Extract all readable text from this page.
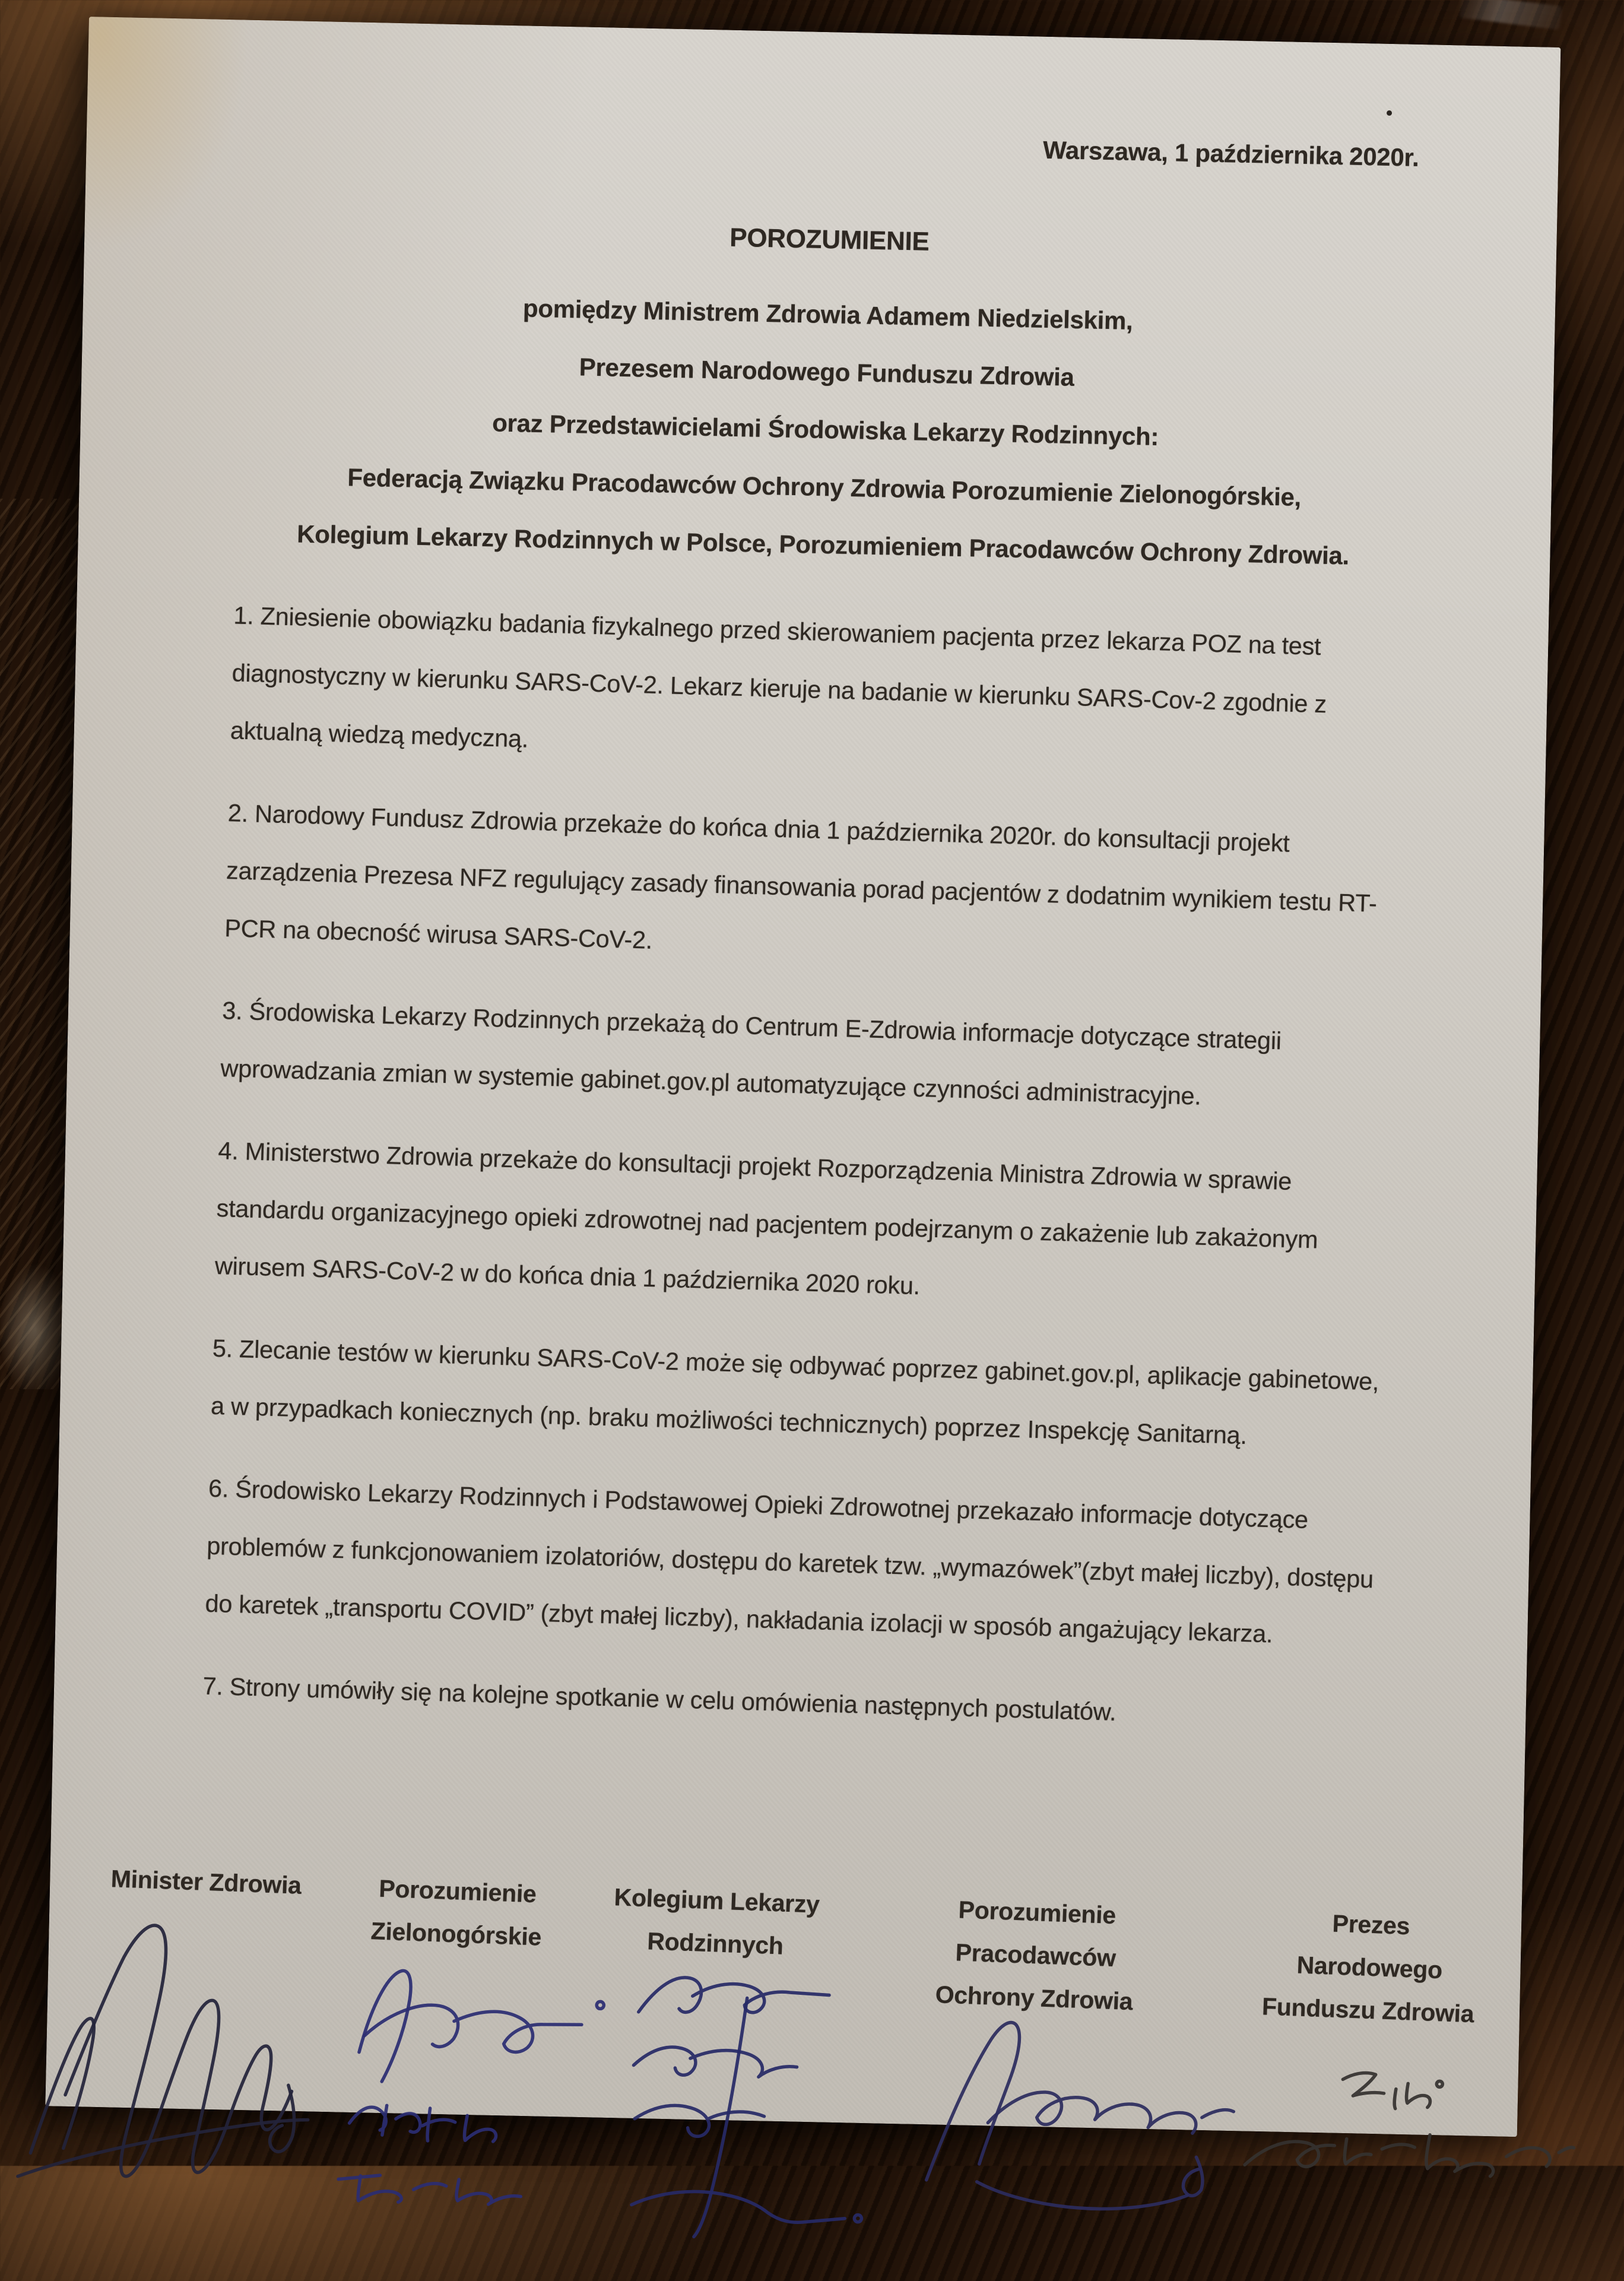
Warszawa, 1 października 2020r.
POROZUMIENIE
pomiędzy Ministrem Zdrowia Adamem Niedzielskim,
Prezesem Narodowego Funduszu Zdrowia
oraz Przedstawicielami Środowiska Lekarzy Rodzinnych:
Federacją Związku Pracodawców Ochrony Zdrowia Porozumienie Zielonogórskie,
Kolegium Lekarzy Rodzinnych w Polsce, Porozumieniem Pracodawców Ochrony Zdrowia.
1. Zniesienie obowiązku badania fizykalnego przed skierowaniem pacjenta przez lekarza POZ na test diagnostyczny w kierunku SARS-CoV-2. Lekarz kieruje na badanie w kierunku SARS-Cov-2 zgodnie z aktualną wiedzą medyczną.
2. Narodowy Fundusz Zdrowia przekaże do końca dnia 1 października 2020r. do konsultacji projekt zarządzenia Prezesa NFZ regulujący zasady finansowania porad pacjentów z dodatnim wynikiem testu RT-PCR na obecność wirusa SARS-CoV-2.
3. Środowiska Lekarzy Rodzinnych przekażą do Centrum E-Zdrowia informacje dotyczące strategii wprowadzania zmian w systemie gabinet.gov.pl automatyzujące czynności administracyjne.
4. Ministerstwo Zdrowia przekaże do konsultacji projekt Rozporządzenia Ministra Zdrowia w sprawie standardu organizacyjnego opieki zdrowotnej nad pacjentem podejrzanym o zakażenie lub zakażonym wirusem SARS-CoV-2 w do końca dnia 1 października 2020 roku.
5. Zlecanie testów w kierunku SARS-CoV-2 może się odbywać poprzez gabinet.gov.pl, aplikacje gabinetowe, a w przypadkach koniecznych (np. braku możliwości technicznych) poprzez Inspekcję Sanitarną.
6. Środowisko Lekarzy Rodzinnych i Podstawowej Opieki Zdrowotnej przekazało informacje dotyczące problemów z funkcjonowaniem izolatoriów, dostępu do karetek tzw. „wymazówek”(zbyt małej liczby), dostępu do karetek „transportu COVID” (zbyt małej liczby), nakładania izolacji w sposób angażujący lekarza.
7. Strony umówiły się na kolejne spotkanie w celu omówienia następnych postulatów.
Minister Zdrowia	Porozumienie
Zielonogórskie
Kolegium Lekarzy
Rodzinnych
Porozumienie
Pracodawców
Ochrony Zdrowia
Prezes
Narodowego
Funduszu Zdrowia
